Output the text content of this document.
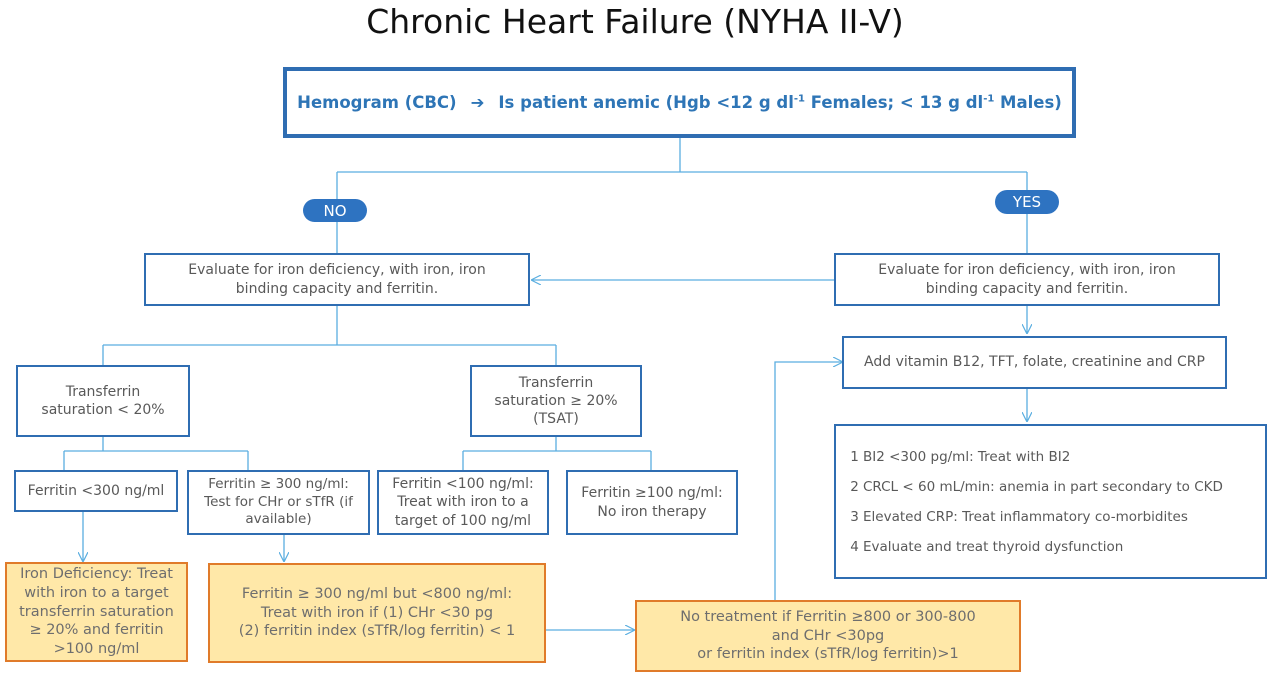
Chronic Heart Failure (NYHA II-V)
Hemogram (CBC) ➔ Is patient anemic (Hgb <12 g $dl^{-1}$ Females; < 13 g $dl^{-1}$ Males)
NO	YES
Evaluate for iron deficiency, with iron, iron
binding capacity and ferritin.
Evaluate for iron deficiency, with iron, iron
binding capacity and ferritin.
Add vitamin B12, TFT, folate, creatinine and CRP
Transferrin
saturation < 20%
Transferrin
saturation ≥ 20%
(TSAT)
1 BI2 <300 pg/ml: Treat with BI2
2 CRCL < 60 mL/min: anemia in part secondary to CKD
3 Elevated CRP: Treat inflammatory co-morbidites
4 Evaluate and treat thyroid dysfunction
Ferritin <300 ng/ml	Ferritin ≥ 300 ng/ml:
Test for CHr or sTfR (if
available)
Ferritin <100 ng/ml:
Treat with iron to a
target of 100 ng/ml
Ferritin ≥100 ng/ml:
No iron therapy
Iron Deficiency: Treat
with iron to a target
transferrin saturation
≥ 20% and ferritin
>100 ng/ml
Ferritin ≥ 300 ng/ml but <800 ng/ml:
Treat with iron if (1) CHr <30 pg
(2) ferritin index (sTfR/log ferritin) < 1
No treatment if Ferritin ≥800 or 300-800
and CHr <30pg
or ferritin index (sTfR/log ferritin)>1
